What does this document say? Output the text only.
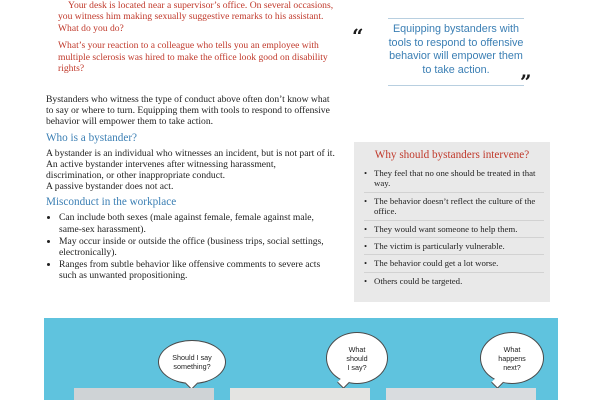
Your desk is located near a supervisor’s office. On several occasions, you witness him making sexually suggestive remarks to his assistant. What do you do?

What’s your reaction to a colleague who tells you an employee with multiple sclerosis was hired to make the office look good on disability rights?

“	Equipping bystanders with tools to respond to offensive behavior will empower them to take action.
”

Bystanders who witness the type of conduct above often don’t know what to say or where to turn. Equipping them with tools to respond to offensive behavior will empower them to take action.

Who is a bystander?

A bystander is an individual who witnesses an incident, but is not part of it. An active bystander intervenes after witnessing harassment, discrimination, or other inappropriate conduct.

A passive bystander does not act.

Misconduct in the workplace
• Can include both sexes (male against female, female against male, same-sex harassment).
• May occur inside or outside the office (business trips, social settings, electronically).
• Ranges from subtle behavior like offensive comments to severe acts such as unwanted propositioning.
Why should bystanders intervene?
• They feel that no one should be treated in that way.
• The behavior doesn’t reflect the culture of the office.
• They would want someone to help them.
• The victim is particularly vulnerable.
• The behavior could get a lot worse.
• Others could be targeted.
Should I say
something?
What
should
I say?
What
happens
next?
